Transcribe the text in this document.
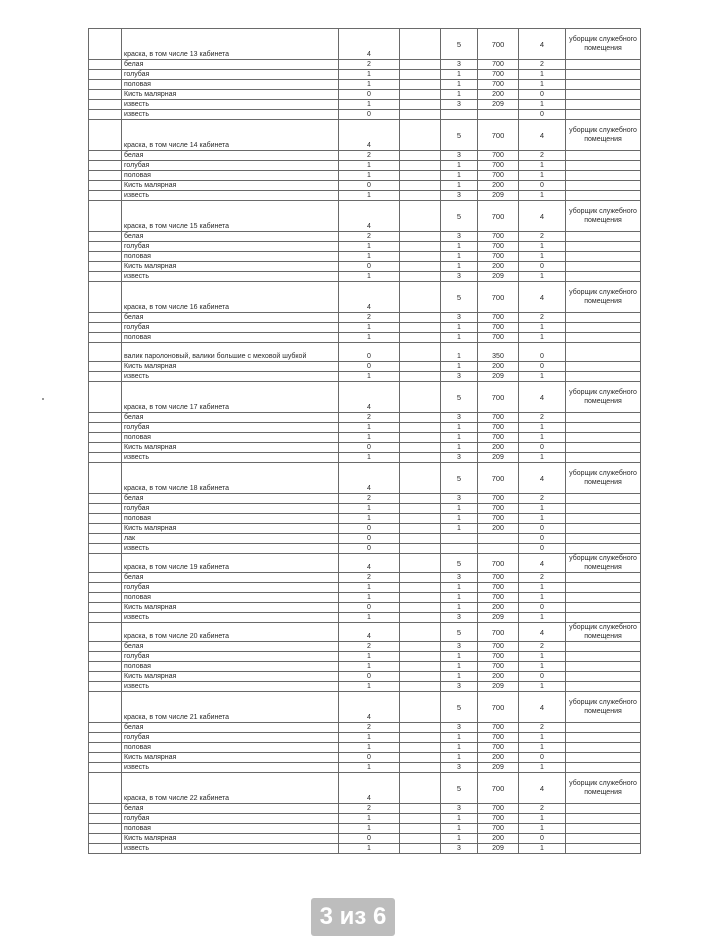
	краска, в том числе 13 кабинета	4		5	700	4	уборщик служебного помещения
	белая	2		3	700	2	
	голубая	1		1	700	1	
	половая	1		1	700	1	
	Кисть малярная	0		1	200	0	
	известь	1		3	209	1	
	известь	0				0	
	краска, в том числе 14 кабинета	4		5	700	4	уборщик служебного помещения
	белая	2		3	700	2	
	голубая	1		1	700	1	
	половая	1		1	700	1	
	Кисть малярная	0		1	200	0	
	известь	1		3	209	1	
	краска, в том числе 15 кабинета	4		5	700	4	уборщик служебного помещения
	белая	2		3	700	2	
	голубая	1		1	700	1	
	половая	1		1	700	1	
	Кисть малярная	0		1	200	0	
	известь	1		3	209	1	
	краска, в том числе 16 кабинета	4		5	700	4	уборщик служебного помещения
	белая	2		3	700	2	
	голубая	1		1	700	1	
	половая	1		1	700	1	
	валик паролоновый, валики большие с меховой шубкой	0		1	350	0	
	Кисть малярная	0		1	200	0	
	известь	1		3	209	1	
	краска, в том числе 17 кабинета	4		5	700	4	уборщик служебного помещения
	белая	2		3	700	2	
	голубая	1		1	700	1	
	половая	1		1	700	1	
	Кисть малярная	0		1	200	0	
	известь	1		3	209	1	
	краска, в том числе 18 кабинета	4		5	700	4	уборщик служебного помещения
	белая	2		3	700	2	
	голубая	1		1	700	1	
	половая	1		1	700	1	
	Кисть малярная	0		1	200	0	
	лак	0				0	
	известь	0				0	
	краска, в том числе 19 кабинета	4		5	700	4	уборщик служебного помещения
	белая	2		3	700	2	
	голубая	1		1	700	1	
	половая	1		1	700	1	
	Кисть малярная	0		1	200	0	
	известь	1		3	209	1	
	краска, в том числе 20 кабинета	4		5	700	4	уборщик служебного помещения
	белая	2		3	700	2	
	голубая	1		1	700	1	
	половая	1		1	700	1	
	Кисть малярная	0		1	200	0	
	известь	1		3	209	1	
	краска, в том числе 21 кабинета	4		5	700	4	уборщик служебного помещения
	белая	2		3	700	2	
	голубая	1		1	700	1	
	половая	1		1	700	1	
	Кисть малярная	0		1	200	0	
	известь	1		3	209	1	
	краска, в том числе 22 кабинета	4		5	700	4	уборщик служебного помещения
	белая	2		3	700	2	
	голубая	1		1	700	1	
	половая	1		1	700	1	
	Кисть малярная	0		1	200	0	
	известь	1		3	209	1	
3 из 6
